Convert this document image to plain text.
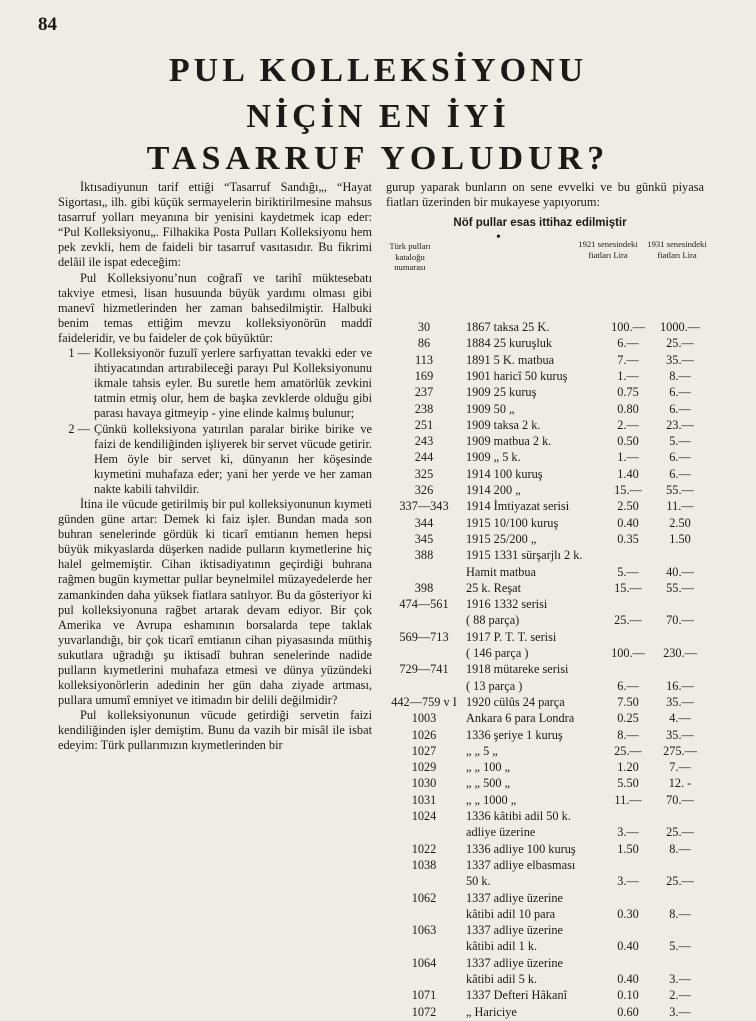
84
PUL KOLLEKSİYONU
NİÇİN EN İYİ
TASARRUF YOLUDUR?

İktısadiyunun tarif ettiği “Tasarruf Sandığı„, “Hayat Sigortası„ ilh. gibi küçük sermayelerin biriktirilmesine mahsus tasarruf yolları meyanına bir yenisini kaydetmek icap eder: “Pul Kolleksiyonu„. Filhakika Posta Pulları Kolleksiyonu hem pek zevkli, hem de faideli bir tasarruf vasıtasıdır. Bu fikrimi delâil ile ispat edeceğim:

Pul Kolleksiyonu’nun coğrafî ve tarihî müktesebatı takviye etmesi, lisan husuunda büyük yardımı olması gibi manevî hizmetlerinden her zaman bahsedilmiştir. Halbuki benim temas ettiğim mevzu kolleksiyonörün maddî faideleridir, ve bu faideler de çok büyüktür:

1 — Kolleksiyonör fuzulî yerlere sarfıyattan tevakki eder ve ihtiyacatından artırabileceği parayı Pul Kolleksiyonunu ikmale tahsis eyler. Bu suretle hem amatörlük zevkini tatmin etmiş olur, hem de başka zevklerde olduğu gibi parası havaya gitmeyip - yine elinde kalmış bulunur;
2 — Çünkü kolleksiyona yatırılan paralar birike birike ve faizi de kendiliğinden işliyerek bir servet vücude getirir. Hem öyle bir servet ki, dünyanın her köşesinde kıymetini muhafaza eder; yani her yerde ve her zaman nakte kabili tahvildir.

İtina ile vücude getirilmiş bir pul kolleksiyonunun kıymeti günden güne artar: Demek ki faiz işler. Bundan mada son buhran senelerinde gördük ki ticarî emtianın hemen hepsi büyük mikyaslarda düşerken nadide pulların kıymetlerine hiç halel gelmemiştir. Cihan iktisadiyatının geçirdiği buhrana rağmen bugün kıymettar pullar beynelmilel müzayedelerde her zamankinden daha yüksek fiatlara satılıyor. Bu da gösteriyor ki pul kolleksiyonuna rağbet artarak devam ediyor. Bir çok Amerika ve Avrupa eshamının borsalarda tepe taklak yuvarlandığı, bir çok ticarî emtianın cihan piyasasında müthiş sukutlara uğradığı şu iktisadî buhran senelerinde nadide pulların kıymetlerini muhafaza etmesi ve dünya yüzündeki kolleksiyonörlerin adedinin her gün daha ziyade artması, pullara umumî emniyet ve itimadın bir delili değilmidir?

Pul kolleksiyonunun vücude getirdiği servetin faizi kendiliğinden işler demiştim. Bunu da vazih bir misâl ile isbat edeyim: Türk pullarımızın kıymetlerinden bir

gurup yaparak bunların on sene evvelki ve bu günkü piyasa fiatları üzerinden bir mukayese yapıyorum:

Nöf pullar esas ittihaz edilmiştir
Türk pulları kataloğu numarası
•	1921 senesindeki fiatları Lira
1931 senesindeki fiatları Lira
30	1867 taksa 25 K.	100.—	1000.—
86	1884 25 kuruşluk	6.—	25.—
113	1891 5 K. matbua	7.—	35.—
169	1901 haricî 50 kuruş	1.—	8.—
237	1909 25 kuruş	0.75	6.—
238	1909 50 „	0.80	6.—
251	1909 taksa 2 k.	2.—	23.—
243	1909 matbua 2 k.	0.50	5.—
244	1909 „ 5 k.	1.—	6.—
325	1914 100 kuruş	1.40	6.—
326	1914 200 „	15.—	55.—
337—343	1914 İmtiyazat serisi	2.50	11.—
344	1915 10/100 kuruş	0.40	2.50
345	1915 25/200 „	0.35	1.50
388	1915 1331 sürşarjlı 2 k.
Hamit matbua	5.—	40.—
398	25 k. Reşat	15.—	55.—
474—561	1916 1332 serisi
( 88 parça)	25.—	70.—
569—713	1917 P. T. T. serisi
( 146 parça )	100.—	230.—
729—741	1918 mütareke serisi
( 13 parça )	6.—	16.—
442—759 v I 1920 cülûs 24 parça	7.50	35.—
1003	Ankara 6 para Londra	0.25	4.—
1026	1336 şeriye 1 kuruş	8.—	35.—
1027	„ „ 5 „	25.—	275.—
1029	„ „ 100 „	1.20	7.—
1030	„ „ 500 „	5.50	12. -
1031	„ „ 1000 „	11.—	70.—
1024	1336 kâtibi adil 50 k.
adliye üzerine	3.—	25.—
1022	1336 adliye 100 kuruş	1.50	8.—
1038	1337 adliye elbasması
50 k.	3.—	25.—
1062	1337 adliye üzerine
kâtibi adil 10 para	0.30	8.—
1063	1337 adliye üzerine
kâtibi adil 1 k.	0.40	5.—
1064	1337 adliye üzerine
kâtibi adil 5 k.	0.40	3.—
1071	1337 Defteri Hâkanî	0.10	2.—
1072	„ Hariciye	0.60	3.—
